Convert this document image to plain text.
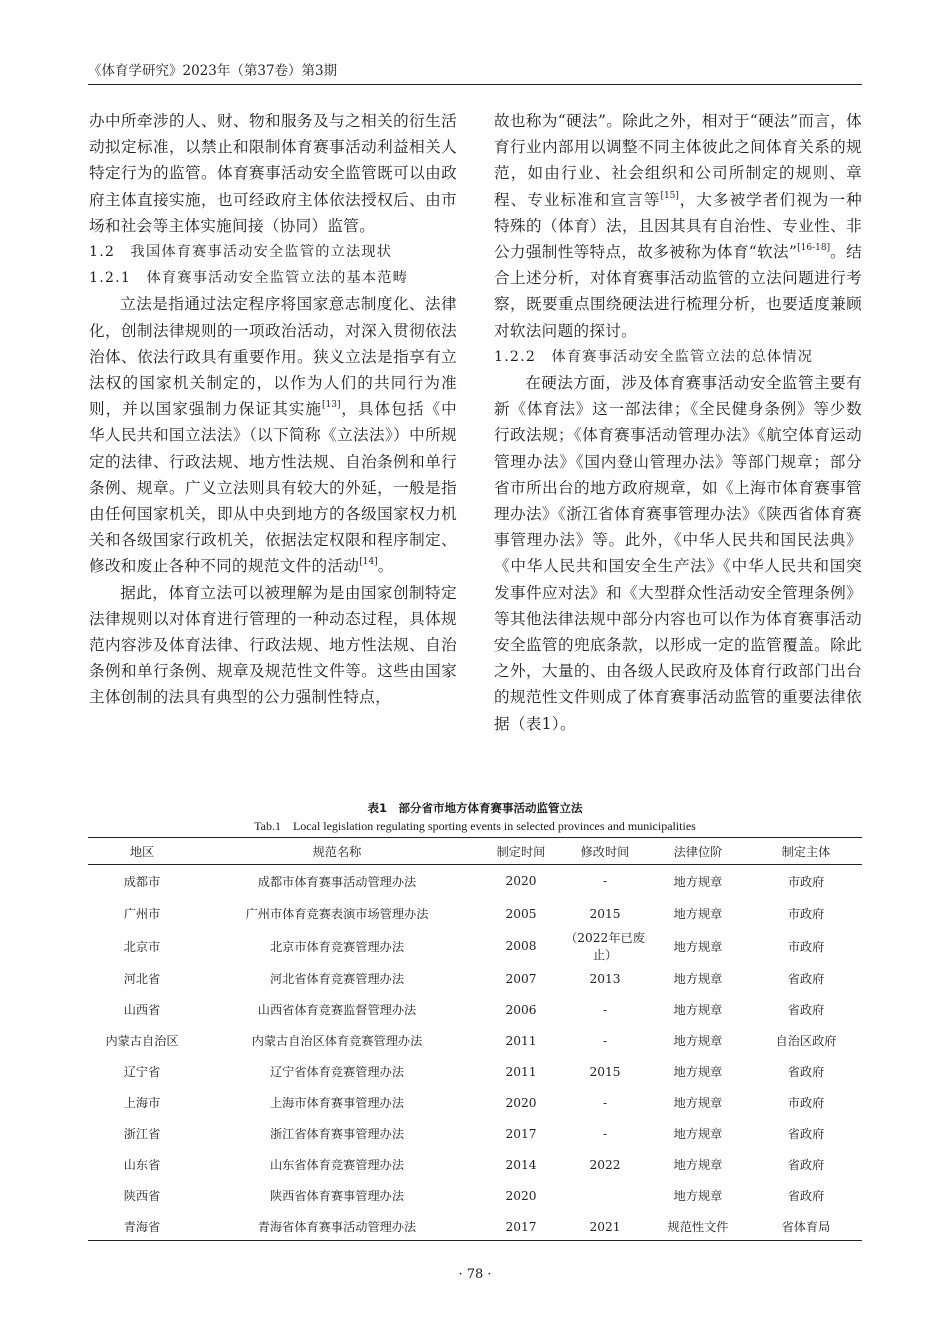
《体育学研究》2023年（第37卷）第3期

办中所牵涉的人、财、物和服务及与之相关的衍生活动拟定标准，以禁止和限制体育赛事活动利益相关人特定行为的监管。体育赛事活动安全监管既可以由政府主体直接实施，也可经政府主体依法授权后、由市场和社会等主体实施间接（协同）监管。

1.2　我国体育赛事活动安全监管的立法现状

1.2.1　体育赛事活动安全监管立法的基本范畴

立法是指通过法定程序将国家意志制度化、法律化，创制法律规则的一项政治活动，对深入贯彻依法治体、依法行政具有重要作用。狭义立法是指享有立法权的国家机关制定的，以作为人们的共同行为准则，并以国家强制力保证其实施[13]，具体包括《中华人民共和国立法法》（以下简称《立法法》）中所规定的法律、行政法规、地方性法规、自治条例和单行条例、规章。广义立法则具有较大的外延，一般是指由任何国家机关，即从中央到地方的各级国家权力机关和各级国家行政机关，依据法定权限和程序制定、修改和废止各种不同的规范文件的活动[14]。

据此，体育立法可以被理解为是由国家创制特定法律规则以对体育进行管理的一种动态过程，具体规范内容涉及体育法律、行政法规、地方性法规、自治条例和单行条例、规章及规范性文件等。这些由国家主体创制的法具有典型的公力强制性特点，

故也称为“硬法”。除此之外，相对于“硬法”而言，体育行业内部用以调整不同主体彼此之间体育关系的规范，如由行业、社会组织和公司所制定的规则、章程、专业标准和宣言等[15]，大多被学者们视为一种特殊的（体育）法，且因其具有自治性、专业性、非公力强制性等特点，故多被称为体育“软法”[16-18]。结合上述分析，对体育赛事活动监管的立法问题进行考察，既要重点围绕硬法进行梳理分析，也要适度兼顾对软法问题的探讨。

1.2.2　体育赛事活动安全监管立法的总体情况

在硬法方面，涉及体育赛事活动安全监管主要有新《体育法》这一部法律；《全民健身条例》等少数行政法规；《体育赛事活动管理办法》《航空体育运动管理办法》《国内登山管理办法》等部门规章；部分省市所出台的地方政府规章，如《上海市体育赛事管理办法》《浙江省体育赛事管理办法》《陕西省体育赛事管理办法》等。此外，《中华人民共和国民法典》《中华人民共和国安全生产法》《中华人民共和国突发事件应对法》和《大型群众性活动安全管理条例》等其他法律法规中部分内容也可以作为体育赛事活动安全监管的兜底条款，以形成一定的监管覆盖。除此之外，大量的、由各级人民政府及体育行政部门出台的规范性文件则成了体育赛事活动监管的重要法律依据（表1）。

表1　部分省市地方体育赛事活动监管立法
Tab.1　Local legislation regulating sporting events in selected provinces and municipalities
地区	规范名称	制定时间	修改时间	法律位阶	制定主体
成都市	成都市体育赛事活动管理办法	2020	-	地方规章	市政府
广州市	广州市体育竞赛表演市场管理办法	2005	2015	地方规章	市政府
北京市	北京市体育竞赛管理办法	2008	（2022年已废止）	地方规章	市政府
河北省	河北省体育竞赛管理办法	2007	2013	地方规章	省政府
山西省	山西省体育竞赛监督管理办法	2006	-	地方规章	省政府
内蒙古自治区	内蒙古自治区体育竞赛管理办法	2011	-	地方规章	自治区政府
辽宁省	辽宁省体育竞赛管理办法	2011	2015	地方规章	省政府
上海市	上海市体育赛事管理办法	2020	-	地方规章	市政府
浙江省	浙江省体育赛事管理办法	2017	-	地方规章	省政府
山东省	山东省体育竞赛管理办法	2014	2022	地方规章	省政府
陕西省	陕西省体育赛事管理办法	2020		地方规章	省政府
青海省	青海省体育赛事活动管理办法	2017	2021	规范性文件	省体育局
· 78 ·
